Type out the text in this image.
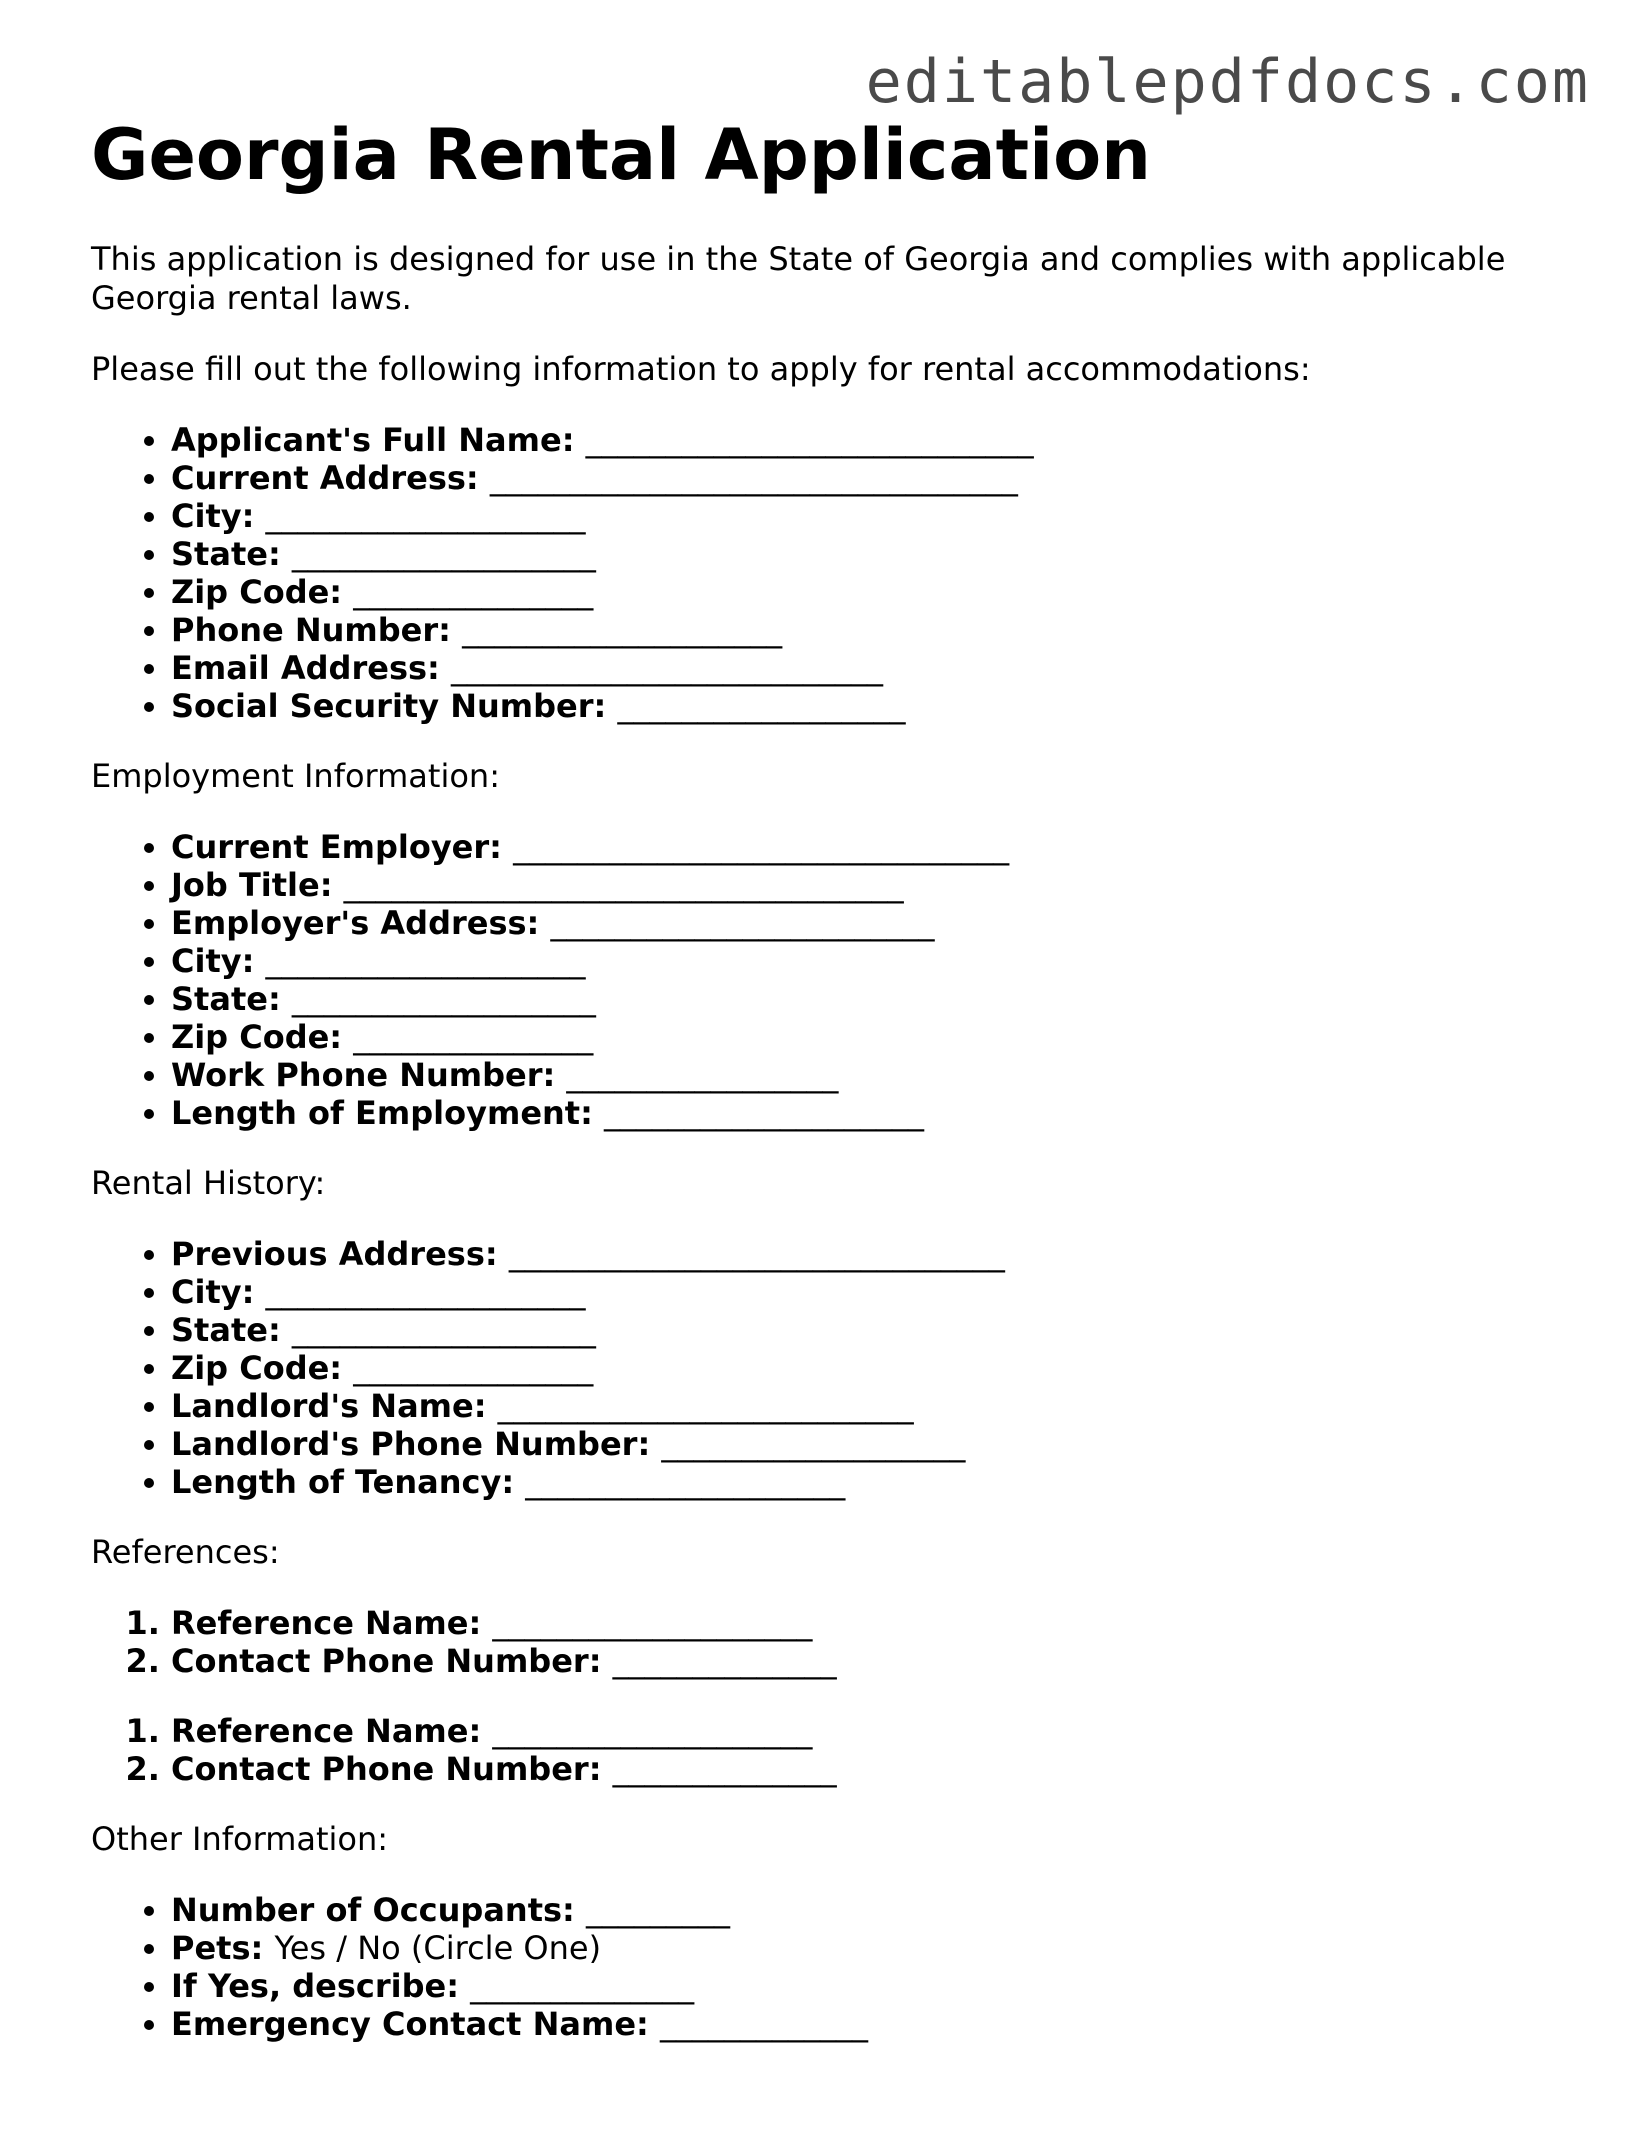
editablepdfdocs.com
Georgia Rental Application

This application is designed for use in the State of Georgia and complies with applicable Georgia rental laws.

Please fill out the following information to apply for rental accommodations:

• Applicant's Full Name: ____________________________
• Current Address: _________________________________
• City: ____________________
• State: ___________________
• Zip Code: _______________
• Phone Number: ____________________
• Email Address: ___________________________
• Social Security Number: __________________

Employment Information:

• Current Employer: _______________________________
• Job Title: ___________________________________
• Employer's Address: ________________________
• City: ____________________
• State: ___________________
• Zip Code: _______________
• Work Phone Number: _________________
• Length of Employment: ____________________

Rental History:

• Previous Address: _______________________________
• City: ____________________
• State: ___________________
• Zip Code: _______________
• Landlord's Name: __________________________
• Landlord's Phone Number: ___________________
• Length of Tenancy: ____________________

References:

1. Reference Name: ____________________
2. Contact Phone Number: ______________
1. Reference Name: ____________________
2. Contact Phone Number: ______________

Other Information:

• Number of Occupants: _________
• Pets: Yes / No (Circle One)
• If Yes, describe: ______________
• Emergency Contact Name: _____________
